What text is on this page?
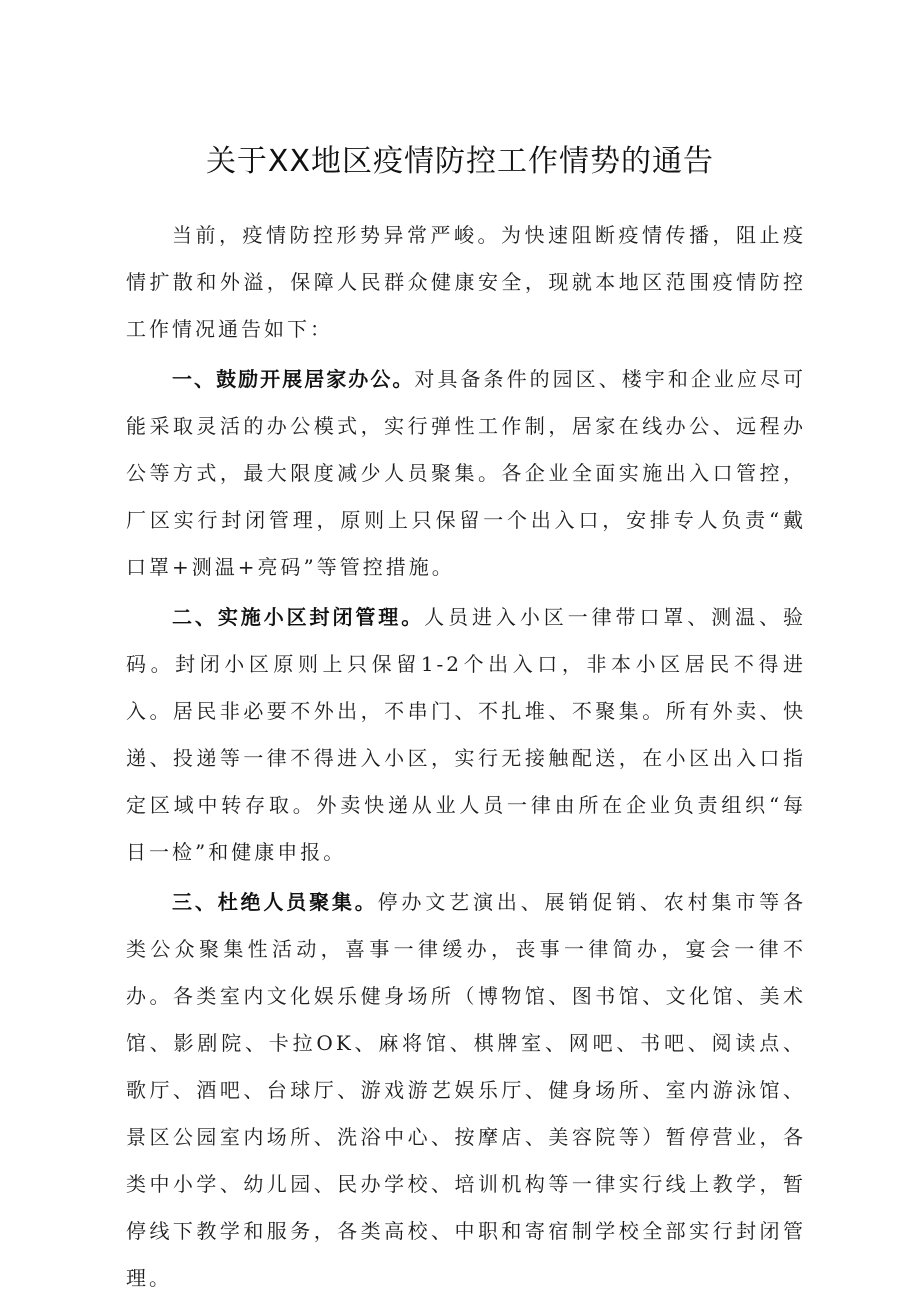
关于XX地区疫情防控工作情势的通告

当前，疫情防控形势异常严峻。为快速阻断疫情传播，阻止疫情扩散和外溢，保障人民群众健康安全，现就本地区范围疫情防控工作情况通告如下：

一、鼓励开展居家办公。对具备条件的园区、楼宇和企业应尽可能采取灵活的办公模式，实行弹性工作制，居家在线办公、远程办公等方式，最大限度减少人员聚集。各企业全面实施出入口管控，厂区实行封闭管理，原则上只保留一个出入口，安排专人负责“戴口罩+测温+亮码”等管控措施。

二、实施小区封闭管理。人员进入小区一律带口罩、测温、验码。封闭小区原则上只保留1-2个出入口，非本小区居民不得进入。居民非必要不外出，不串门、不扎堆、不聚集。所有外卖、快递、投递等一律不得进入小区，实行无接触配送，在小区出入口指定区域中转存取。外卖快递从业人员一律由所在企业负责组织“每日一检”和健康申报。

三、杜绝人员聚集。停办文艺演出、展销促销、农村集市等各类公众聚集性活动，喜事一律缓办，丧事一律简办，宴会一律不办。各类室内文化娱乐健身场所（博物馆、图书馆、文化馆、美术馆、影剧院、卡拉OK、麻将馆、棋牌室、网吧、书吧、阅读点、歌厅、酒吧、台球厅、游戏游艺娱乐厅、健身场所、室内游泳馆、景区公园室内场所、洗浴中心、按摩店、美容院等）暂停营业，各类中小学、幼儿园、民办学校、培训机构等一律实行线上教学，暂停线下教学和服务，各类高校、中职和寄宿制学校全部实行封闭管理。
